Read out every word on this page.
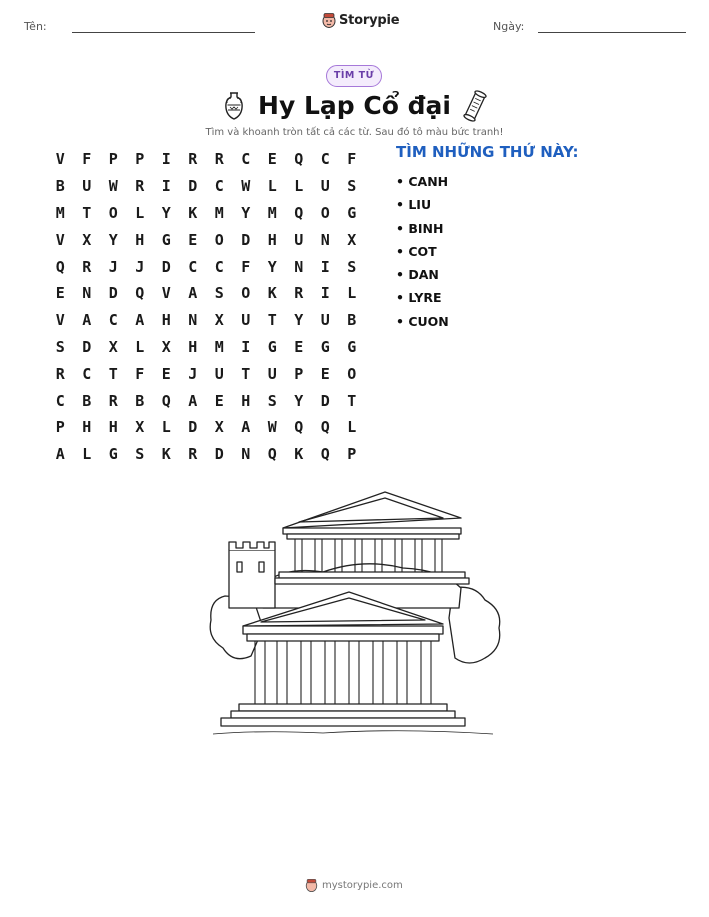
Tên:	Storypie	Ngày:
TÌM TỪ
Hy Lạp Cổ đại
Tìm và khoanh tròn tất cả các từ. Sau đó tô màu bức tranh!
V	F	P	P	I	R	R	C	E	Q	C	F
B	U	W	R	I	D	C	W	L	L	U	S
M	T	O	L	Y	K	M	Y	M	Q	O	G
V	X	Y	H	G	E	O	D	H	U	N	X
Q	R	J	J	D	C	C	F	Y	N	I	S
E	N	D	Q	V	A	S	O	K	R	I	L
V	A	C	A	H	N	X	U	T	Y	U	B
S	D	X	L	X	H	M	I	G	E	G	G
R	C	T	F	E	J	U	T	U	P	E	O
C	B	R	B	Q	A	E	H	S	Y	D	T
P	H	H	X	L	D	X	A	W	Q	Q	L
A	L	G	S	K	R	D	N	Q	K	Q	P
TÌM NHỮNG THỨ NÀY:
• CANH
• LIU
• BINH
• COT
• DAN
• LYRE
• CUON
mystorypie.com
